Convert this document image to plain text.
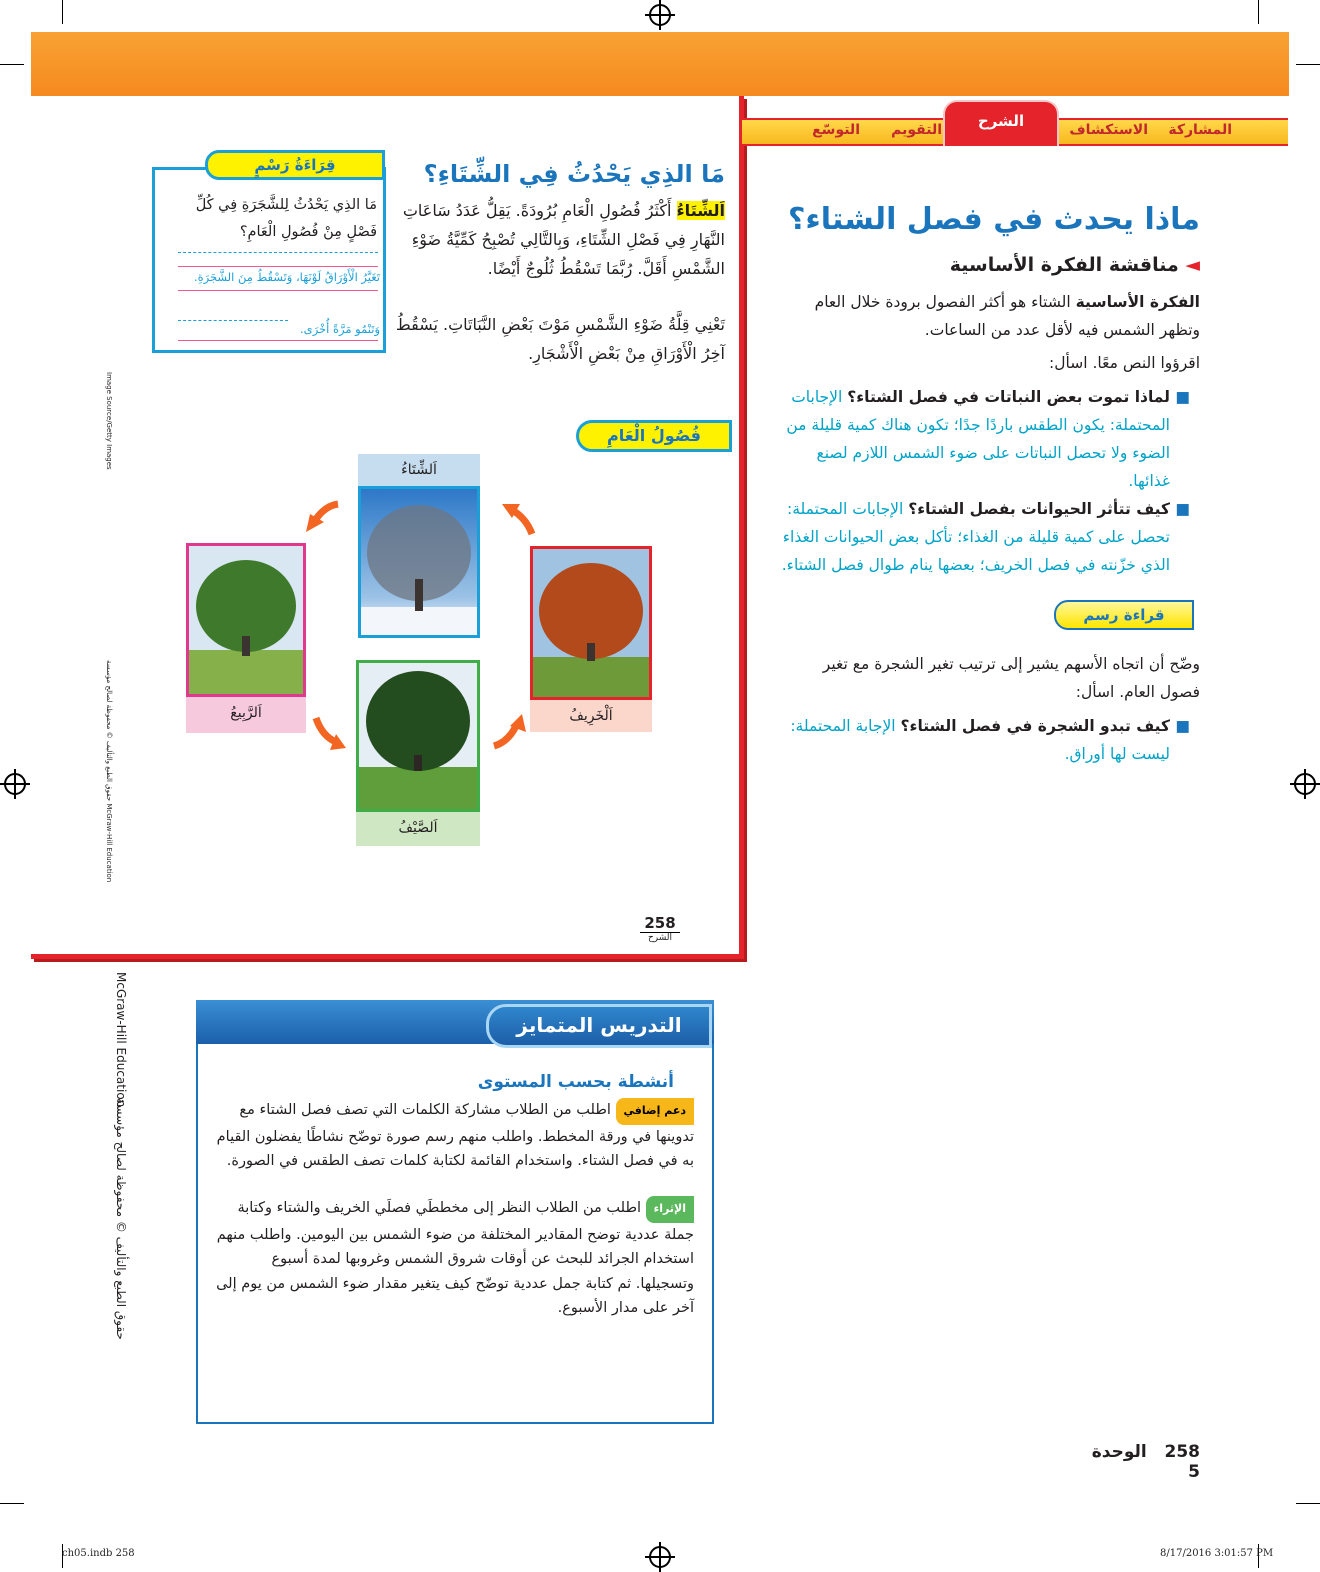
المشاركة
الاستكشاف
التقويم
التوسّع	الشرح
ماذا يحدث في فصل الشتاء؟
◄ مناقشة الفكرة الأساسية
الفكرة الأساسية الشتاء هو أكثر الفصول برودة خلال العام وتظهر الشمس فيه لأقل عدد من الساعات.
اقرؤوا النص معًا. اسأل:
■
لماذا تموت بعض النباتات في فصل الشتاء؟ الإجابات المحتملة: يكون الطقس باردًا جدًا؛ تكون هناك كمية قليلة من الضوء ولا تحصل النباتات على ضوء الشمس اللازم لصنع غذائها.
■
كيف تتأثر الحيوانات بفصل الشتاء؟ الإجابات المحتملة: تحصل على كمية قليلة من الغذاء؛ تأكل بعض الحيوانات الغذاء الذي خزّنته في فصل الخريف؛ بعضها ينام طوال فصل الشتاء.
قراءة رسم
وضّح أن اتجاه الأسهم يشير إلى ترتيب تغير الشجرة مع تغير فصول العام. اسأل:
■
كيف تبدو الشجرة في فصل الشتاء؟ الإجابة المحتملة: ليست لها أوراق.
مَا الذِي يَحْدُثُ فِي الشِّتَاءِ؟
اَلشِّتَاءُ أَكْثَرُ فُصُولِ الْعَامِ بُرُودَةً. يَقِلُّ عَدَدُ سَاعَاتِ النَّهَارِ فِي فَصْلِ الشِّتَاءِ، وَبِالتَّالِي تُصْبِحُ كَمِّيَّةُ ضَوْءِ الشَّمْسِ أَقَلَّ. رُبَّمَا تَسْقُطُ ثُلُوجٌ أَيْضًا.
تَعْنِي قِلَّةُ ضَوْءِ الشَّمْسِ مَوْتَ بَعْضِ النَّبَاتَاتِ. يَسْقُطُ آخِرُ الْأَوْرَاقِ مِنْ بَعْضِ الْأَشْجَارِ.
قِرَاءَةُ رَسْمٍ
مَا الذِي يَحْدُثُ لِلشَّجَرَةِ فِي كُلِّ فَصْلٍ مِنْ فُصُولِ الْعَامِ؟
تَغَيَّرُ الْأَوْرَاقُ لَوْنَهَا، وَتَسْقُطُ مِنَ الشَّجَرَةِ.
وَتَنْمُو مَرَّةً أُخْرَى.
فُصُولُ الْعَامِ
اَلشِّتَاءُ
اَلرَّبِيعُ	اَلْخَرِيفُ
اَلصَّيْفُ
258
الشرح
Image Source/Getty Images
حقوق الطبع والتأليف © محفوظة لصالح مؤسسة McGraw-Hill Education
McGraw-Hill Education
حقوق الطبع والتأليف © محفوظة لصالح مؤسسة
التدريس المتمايز
أنشطة بحسب المستوى
دعم إضافي اطلب من الطلاب مشاركة الكلمات التي تصف فصل الشتاء مع تدوينها في ورقة المخطط. واطلب منهم رسم صورة توضّح نشاطًا يفضلون القيام به في فصل الشتاء. واستخدام القائمة لكتابة كلمات تصف الطقس في الصورة.
الإثراء اطلب من الطلاب النظر إلى مخططَي فصلَي الخريف والشتاء وكتابة جملة عددية توضح المقادير المختلفة من ضوء الشمس بين اليومين. واطلب منهم استخدام الجرائد للبحث عن أوقات شروق الشمس وغروبها لمدة أسبوع وتسجيلها. ثم كتابة جمل عددية توضّح كيف يتغير مقدار ضوء الشمس من يوم إلى آخر على مدار الأسبوع.
258   الوحدة 5
ch05.indb 258	8/17/2016 3:01:57 PM
